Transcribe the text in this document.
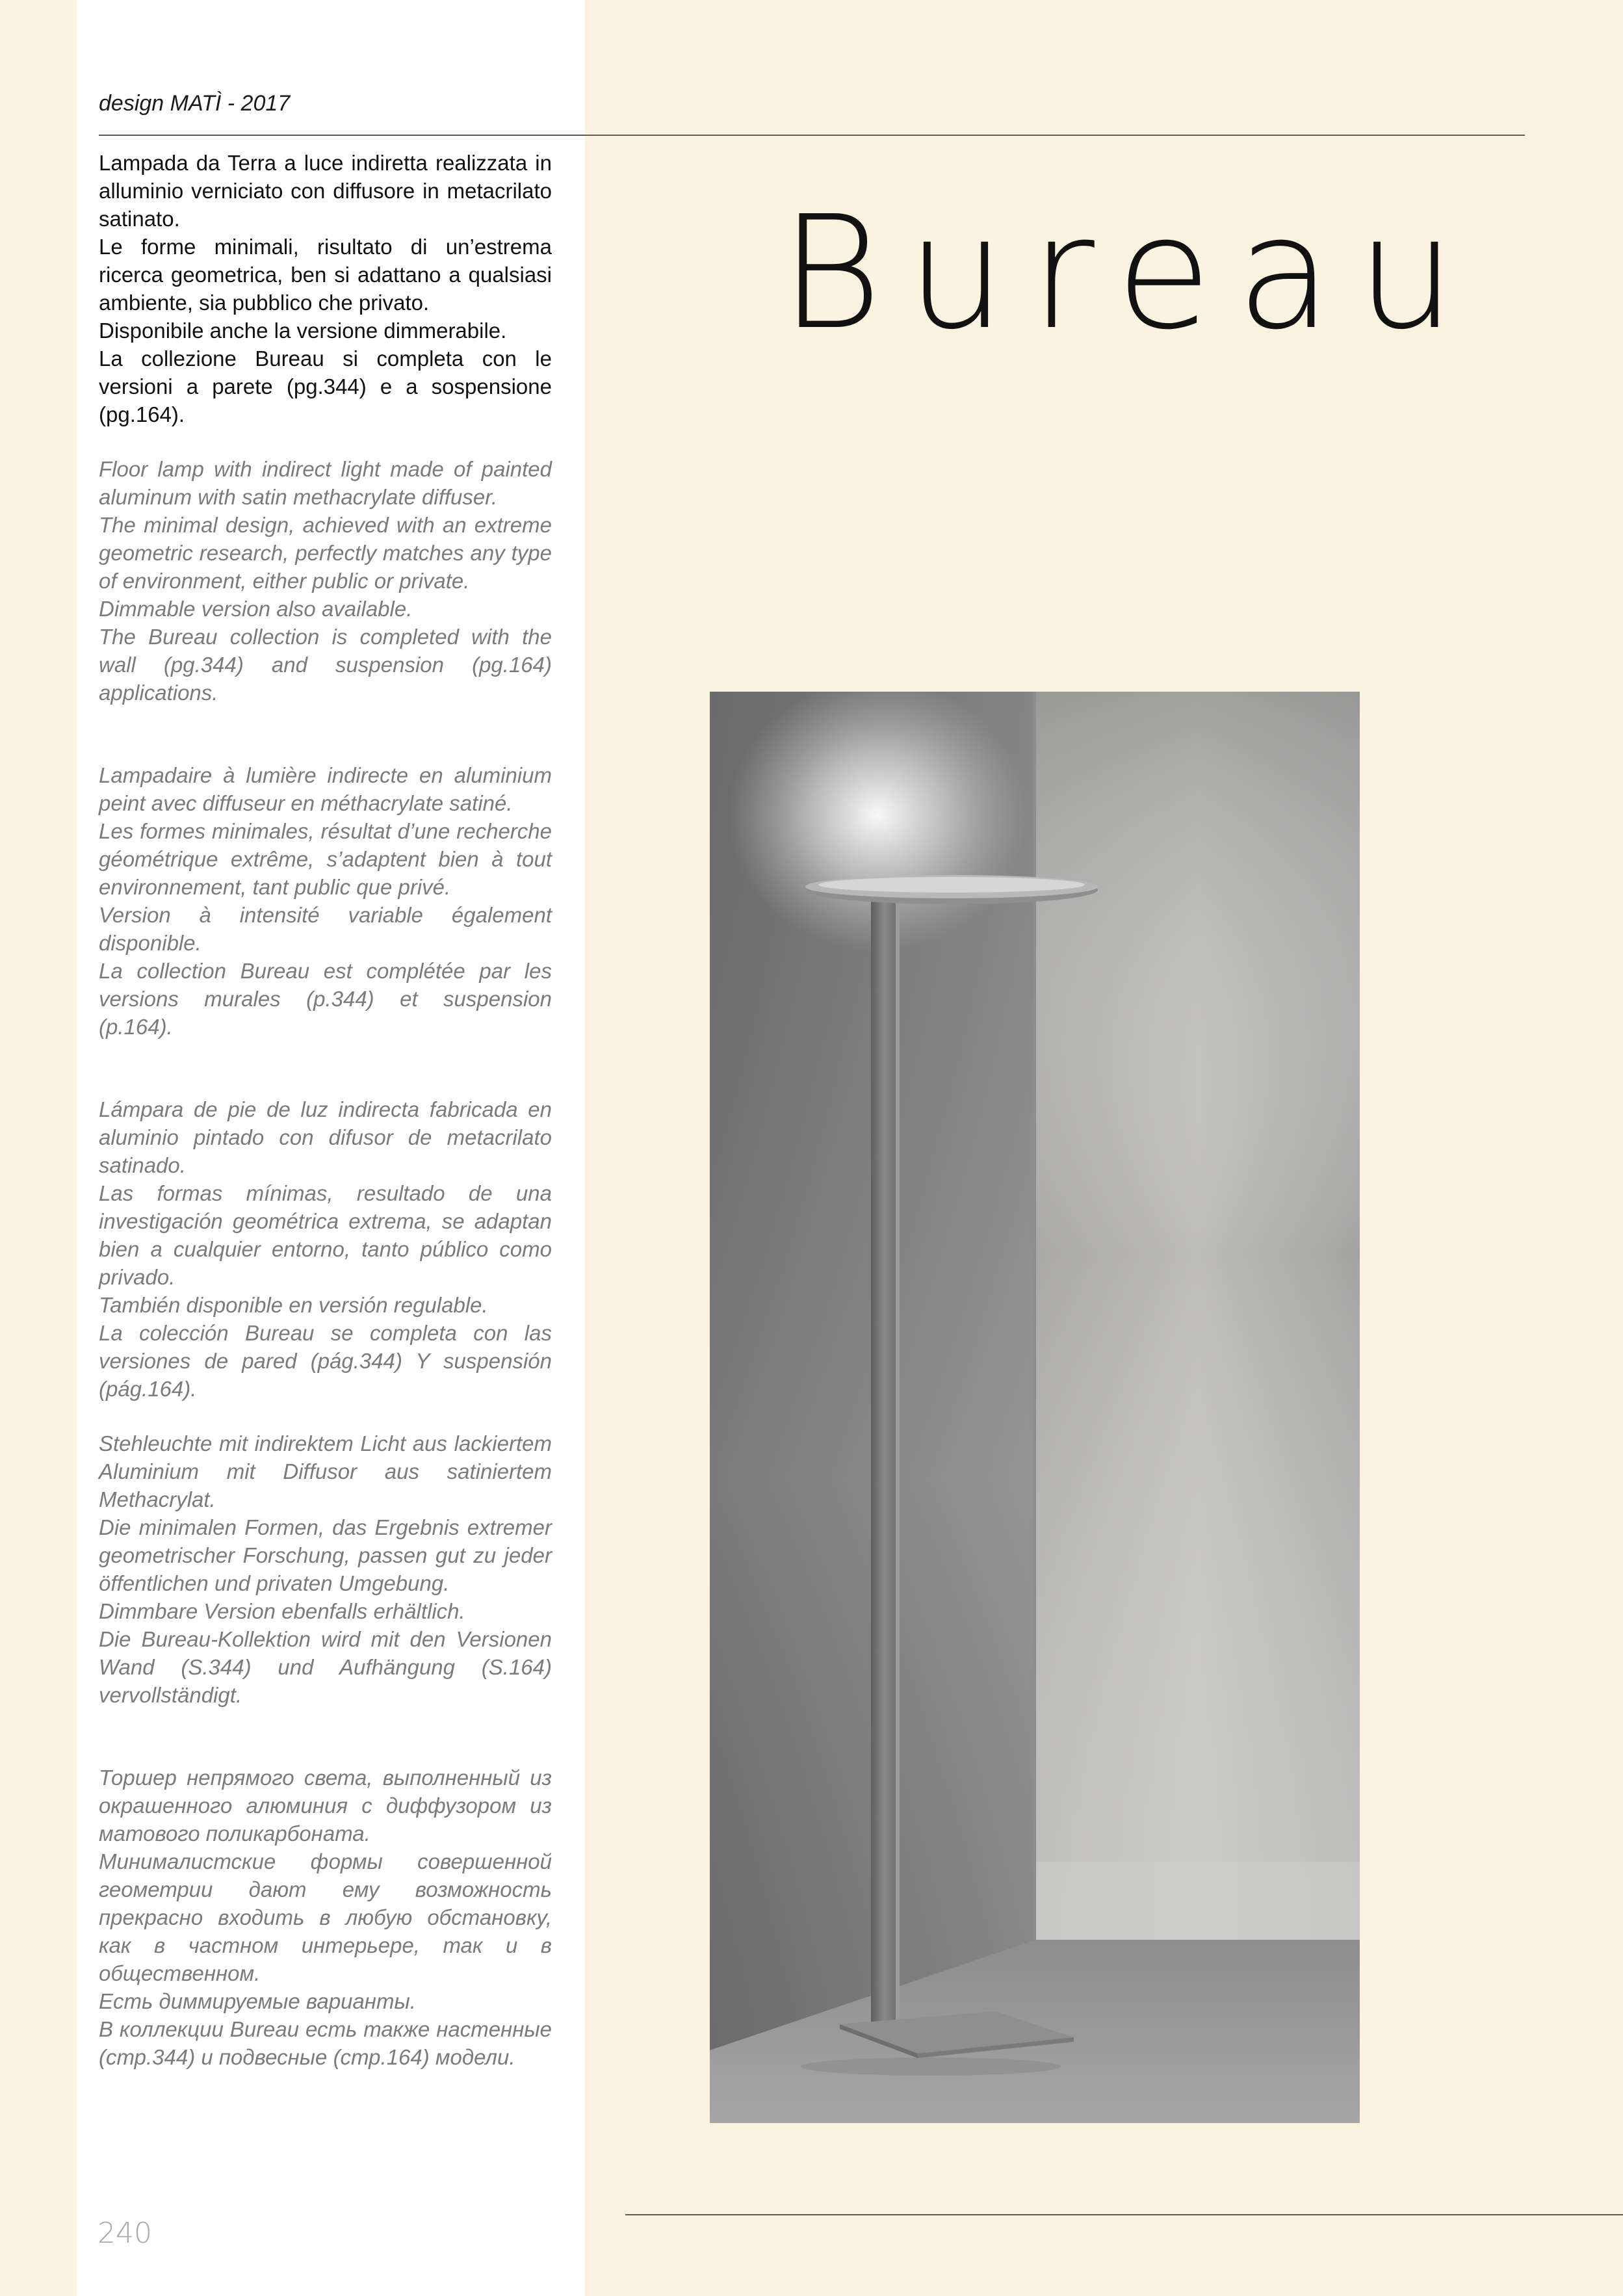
design MATÌ - 2017

Lampada da Terra a luce indiretta realizzata in alluminio verniciato con diffusore in metacrilato satinato.

Le forme minimali, risultato di un’estrema ricerca geometrica, ben si adattano a qualsiasi ambiente, sia pubblico che privato.

Disponibile anche la versione dimmerabile.

La collezione Bureau si completa con le versioni a parete (pg.344) e a sospensione (pg.164).

Floor lamp with indirect light made of painted aluminum with satin methacrylate diffuser.

The minimal design, achieved with an extreme geometric research, perfectly matches any type of environment, either public or private.

Dimmable version also available.

The Bureau collection is completed with the wall (pg.344) and suspension (pg.164) applications.

Lampadaire à lumière indirecte en aluminium peint avec diffuseur en méthacrylate satiné.

Les formes minimales, résultat d’une recherche géométrique extrême, s’adaptent bien à tout environnement, tant public que privé.

Version à intensité variable également disponible.

La collection Bureau est complétée par les versions murales (p.344) et suspension (p.164).

Lámpara de pie de luz indirecta fabricada en aluminio pintado con difusor de metacrilato satinado.

Las formas mínimas, resultado de una investigación geométrica extrema, se adaptan bien a cualquier entorno, tanto público como privado.

También disponible en versión regulable.

La colección Bureau se completa con las versiones de pared (pág.344) Y suspensión (pág.164).

Stehleuchte mit indirektem Licht aus lackiertem Aluminium mit Diffusor aus satiniertem Methacrylat.

Die minimalen Formen, das Ergebnis extremer geometrischer Forschung, passen gut zu jeder öffentlichen und privaten Umgebung.

Dimmbare Version ebenfalls erhältlich.

Die Bureau-Kollektion wird mit den Versionen Wand (S.344) und Aufhängung (S.164) vervollständigt.

Торшер непрямого света, выполненный из окрашенного алюминия с диффузором из матового поликарбоната.

Минималистские формы совершенной геометрии дают ему возможность прекрасно входить в любую обстановку, как в частном интерьере, так и в общественном.

Есть диммируемые варианты.

В коллекции Bureau есть также настенные (стр.344) и подвесные (стр.164) модели.

Bureau
240
